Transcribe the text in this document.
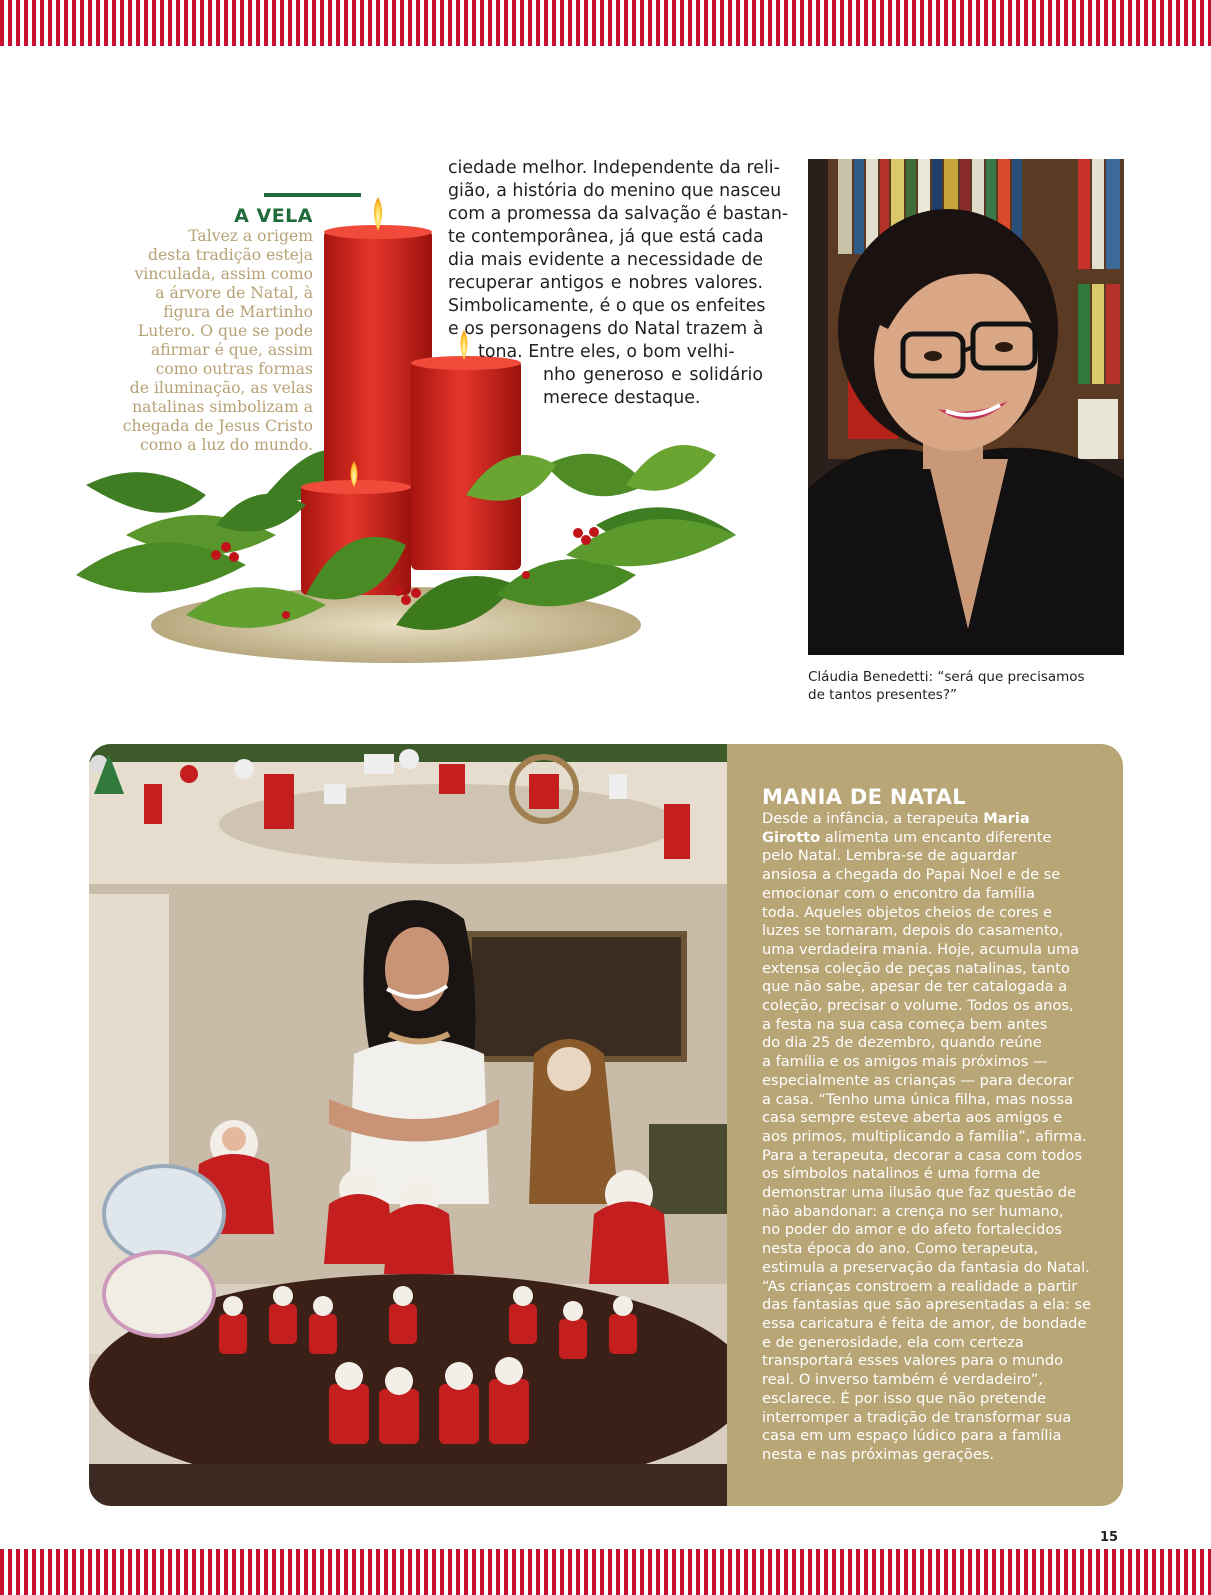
A VELA
Talvez a origem
desta tradição esteja
vinculada, assim como
a árvore de Natal, à
figura de Martinho
Lutero. O que se pode
afirmar é que, assim
como outras formas
de iluminação, as velas
natalinas simbolizam a
chegada de Jesus Cristo
como a luz do mundo.
ciedade melhor. Independente da reli-
gião, a história do menino que nasceu
com a promessa da salvação é bastan-
te contemporânea, já que está cada
dia mais evidente a necessidade de
recuperar antigos e nobres valores.
Simbolicamente, é o que os enfeites
e os personagens do Natal trazem à
tona. Entre eles, o bom velhi-
nho generoso e solidário
merece destaque.
Cláudia Benedetti: “será que precisamos
de tantos presentes?”
MANIA DE NATAL
Desde a infância, a terapeuta Maria
Girotto alimenta um encanto diferente
pelo Natal. Lembra-se de aguardar
ansiosa a chegada do Papai Noel e de se
emocionar com o encontro da família
toda. Aqueles objetos cheios de cores e
luzes se tornaram, depois do casamento,
uma verdadeira mania. Hoje, acumula uma
extensa coleção de peças natalinas, tanto
que não sabe, apesar de ter catalogada a
coleção, precisar o volume. Todos os anos,
a festa na sua casa começa bem antes
do dia 25 de dezembro, quando reúne
a família e os amigos mais próximos —
especialmente as crianças — para decorar
a casa. “Tenho uma única filha, mas nossa
casa sempre esteve aberta aos amigos e
aos primos, multiplicando a família”, afirma.
Para a terapeuta, decorar a casa com todos
os símbolos natalinos é uma forma de
demonstrar uma ilusão que faz questão de
não abandonar: a crença no ser humano,
no poder do amor e do afeto fortalecidos
nesta época do ano. Como terapeuta,
estimula a preservação da fantasia do Natal.
“As crianças constroem a realidade a partir
das fantasias que são apresentadas a ela: se
essa caricatura é feita de amor, de bondade
e de generosidade, ela com certeza
transportará esses valores para o mundo
real. O inverso também é verdadeiro”,
esclarece. É por isso que não pretende
interromper a tradição de transformar sua
casa em um espaço lúdico para a família
nesta e nas próximas gerações.
15
